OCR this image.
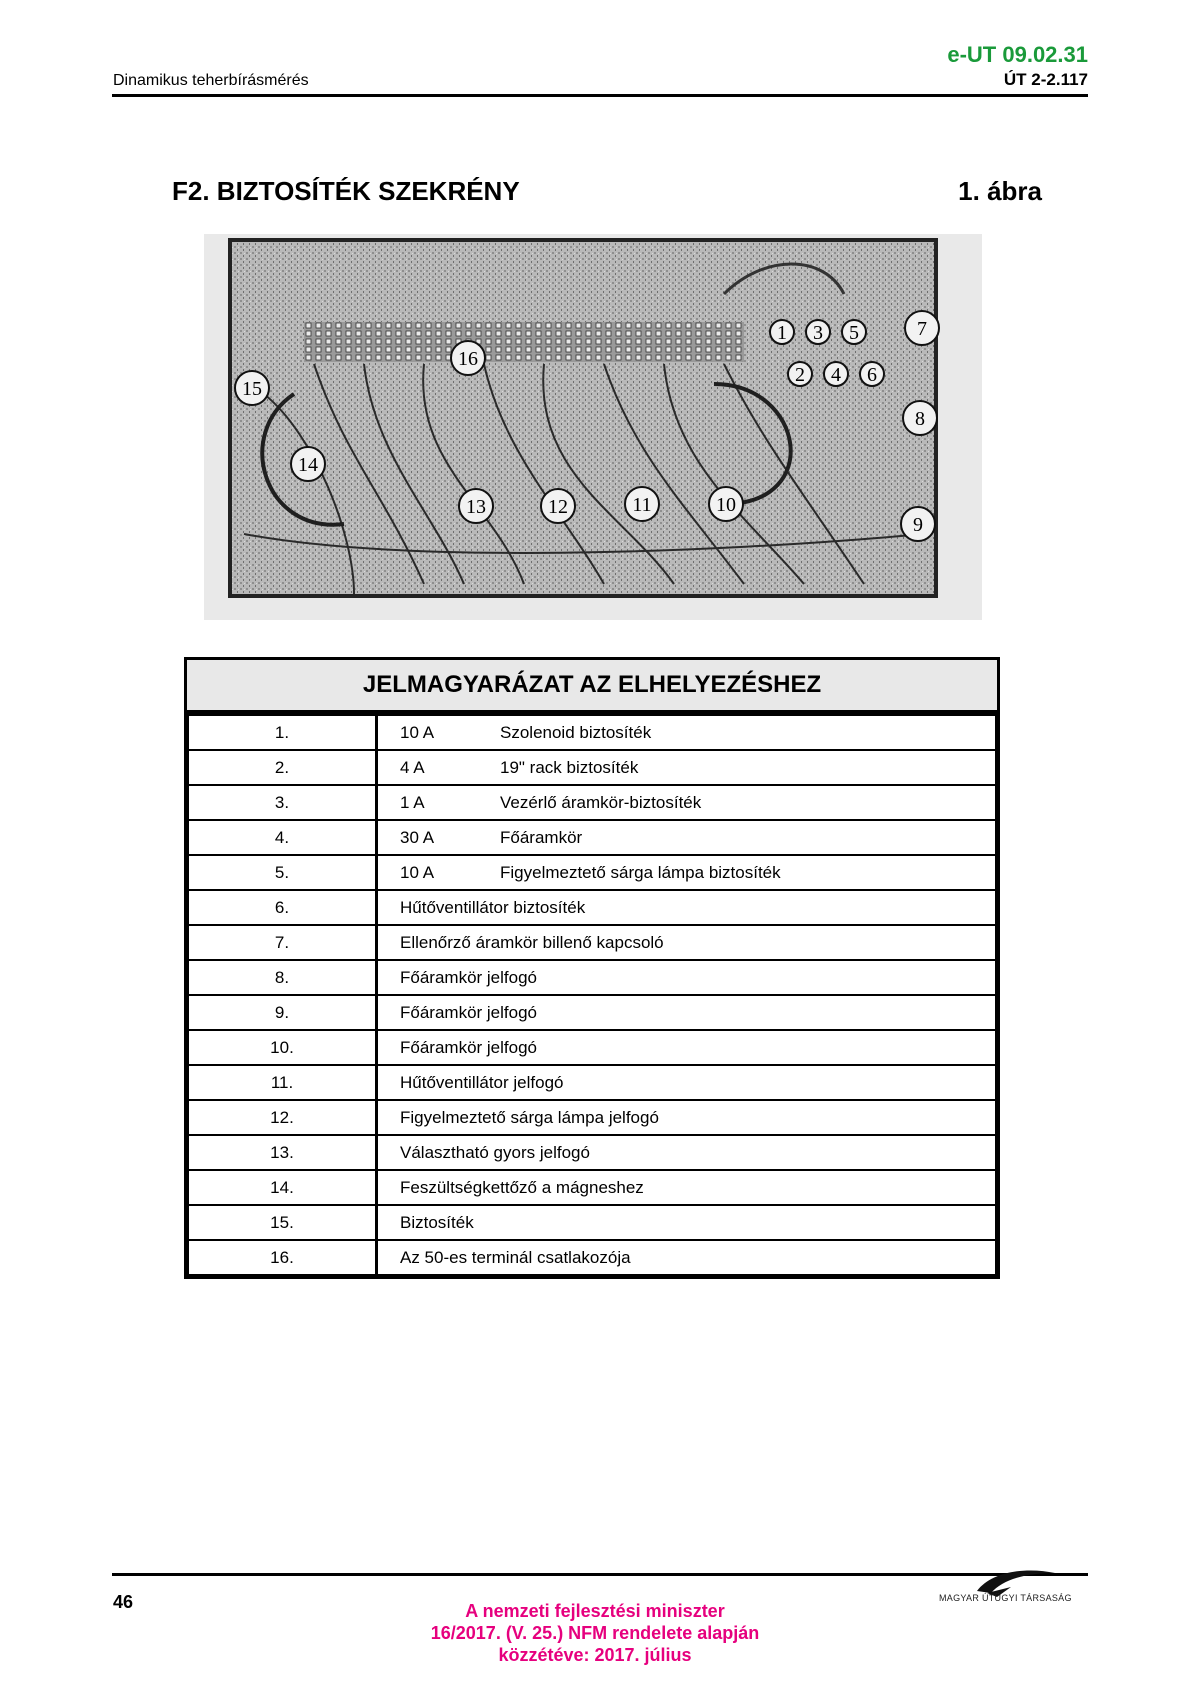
Dinamikus teherbírásmérés
e-UT 09.02.31
ÚT 2-2.117
F2. BIZTOSÍTÉK SZEKRÉNY	1. ábra
1
2
3
4
5
6
7
8
9
10
11
12
13
14
15
16
JELMAGYARÁZAT AZ ELHELYEZÉSHEZ
1.	10 A Szolenoid biztosíték
2.	4 A 19" rack biztosíték
3.	1 A Vezérlő áramkör-biztosíték
4.	30 A Főáramkör
5.	10 A Figyelmeztető sárga lámpa biztosíték
6.	Hűtőventillátor biztosíték
7.	Ellenőrző áramkör billenő kapcsoló
8.	Főáramkör jelfogó
9.	Főáramkör jelfogó
10.	Főáramkör jelfogó
11.	Hűtőventillátor jelfogó
12.	Figyelmeztető sárga lámpa jelfogó
13.	Választható gyors jelfogó
14.	Feszültségkettőző a mágneshez
15.	Biztosíték
16.	Az 50-es terminál csatlakozója
46	A nemzeti fejlesztési miniszter
16/2017. (V. 25.) NFM rendelete alapján
közzétéve: 2017. július
MAGYAR ÚTÜGYI TÁRSASÁG
